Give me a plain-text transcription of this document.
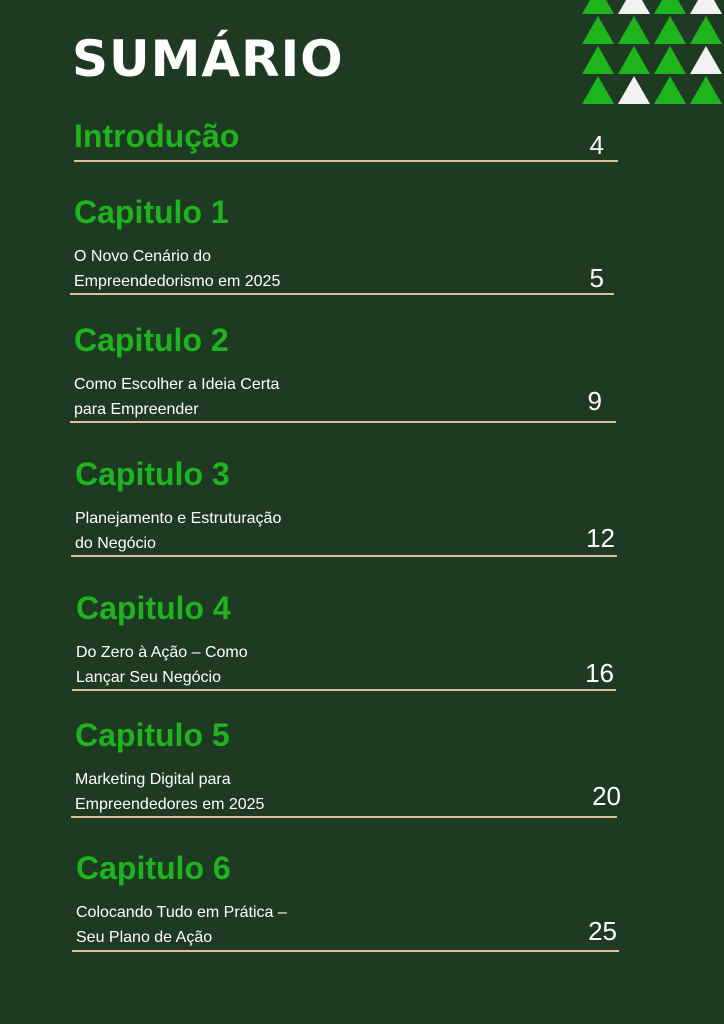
SUMÁRIO
Introdução	4
Capitulo 1
O Novo Cenário do
Empreendedorismo em 2025	5
Capitulo 2
Como Escolher a Ideia Certa
para Empreender	9
Capitulo 3
Planejamento e Estruturação
do Negócio	12
Capitulo 4
Do Zero à Ação – Como
Lançar Seu Negócio	16
Capitulo 5
Marketing Digital para
Empreendedores em 2025	20
Capitulo 6
Colocando Tudo em Prática –
Seu Plano de Ação	25
